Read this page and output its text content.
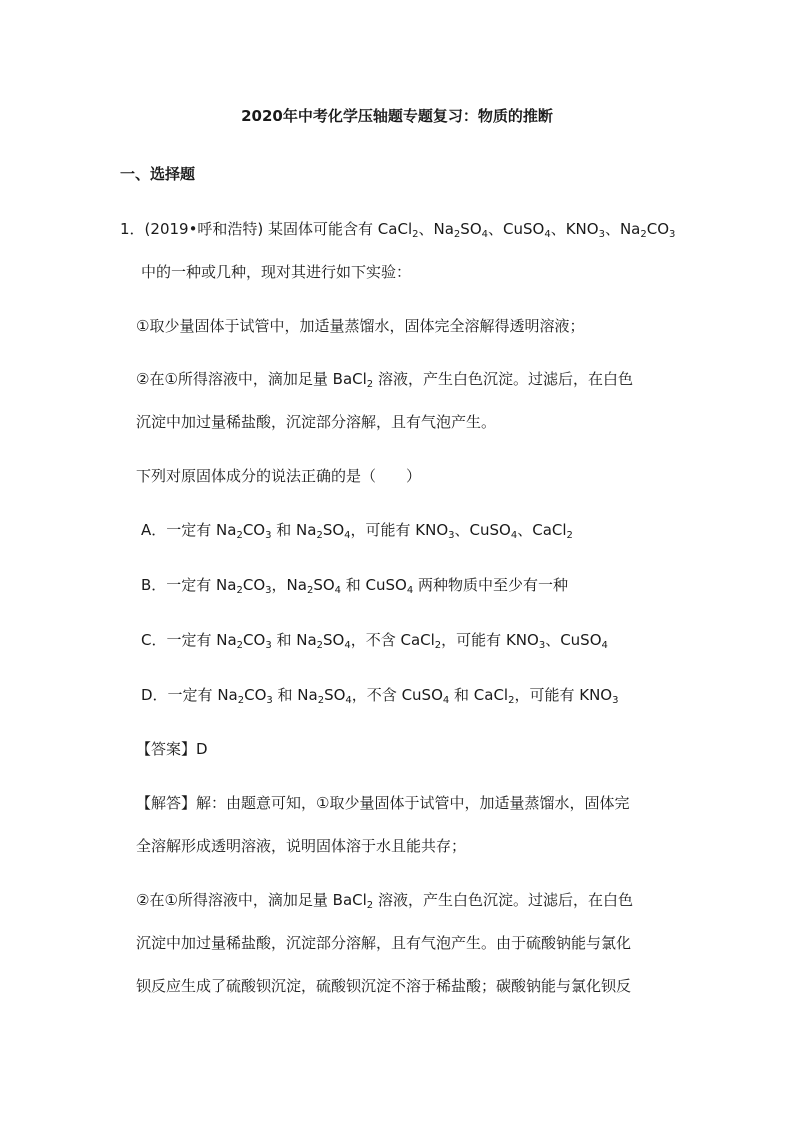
2020年中考化学压轴题专题复习：物质的推断
一、选择题
1．(2019•呼和浩特) 某固体可能含有 CaCl$_2$、$Na_2SO_4$、CuSO$_4$、$KNO_3$、$Na_2CO_3$
中的一种或几种，现对其进行如下实验：
①取少量固体于试管中，加适量蒸馏水，固体完全溶解得透明溶液；
②在①所得溶液中，滴加足量 BaCl$_2$ 溶液，产生白色沉淀。过滤后，在白色
沉淀中加过量稀盐酸，沉淀部分溶解，且有气泡产生。
下列对原固体成分的说法正确的是（　　）
A．一定有 $Na_2CO_3$ 和 $Na_2SO_4$，可能有 $KNO_3$、CuSO$_4$、CaCl$_2$
B．一定有 $Na_2CO_3$，$Na_2SO_4$ 和 CuSO$_4$ 两种物质中至少有一种
C．一定有 $Na_2CO_3$ 和 $Na_2SO_4$，不含 CaCl$_2$，可能有 $KNO_3$、CuSO$_4$
D．一定有 $Na_2CO_3$ 和 $Na_2SO_4$，不含 CuSO$_4$ 和 CaCl$_2$，可能有 $KNO_3$
【答案】D
【解答】解：由题意可知，①取少量固体于试管中，加适量蒸馏水，固体完
全溶解形成透明溶液，说明固体溶于水且能共存；
②在①所得溶液中，滴加足量 BaCl$_2$ 溶液，产生白色沉淀。过滤后，在白色
沉淀中加过量稀盐酸，沉淀部分溶解，且有气泡产生。由于硫酸钠能与氯化
钡反应生成了硫酸钡沉淀，硫酸钡沉淀不溶于稀盐酸；碳酸钠能与氯化钡反
